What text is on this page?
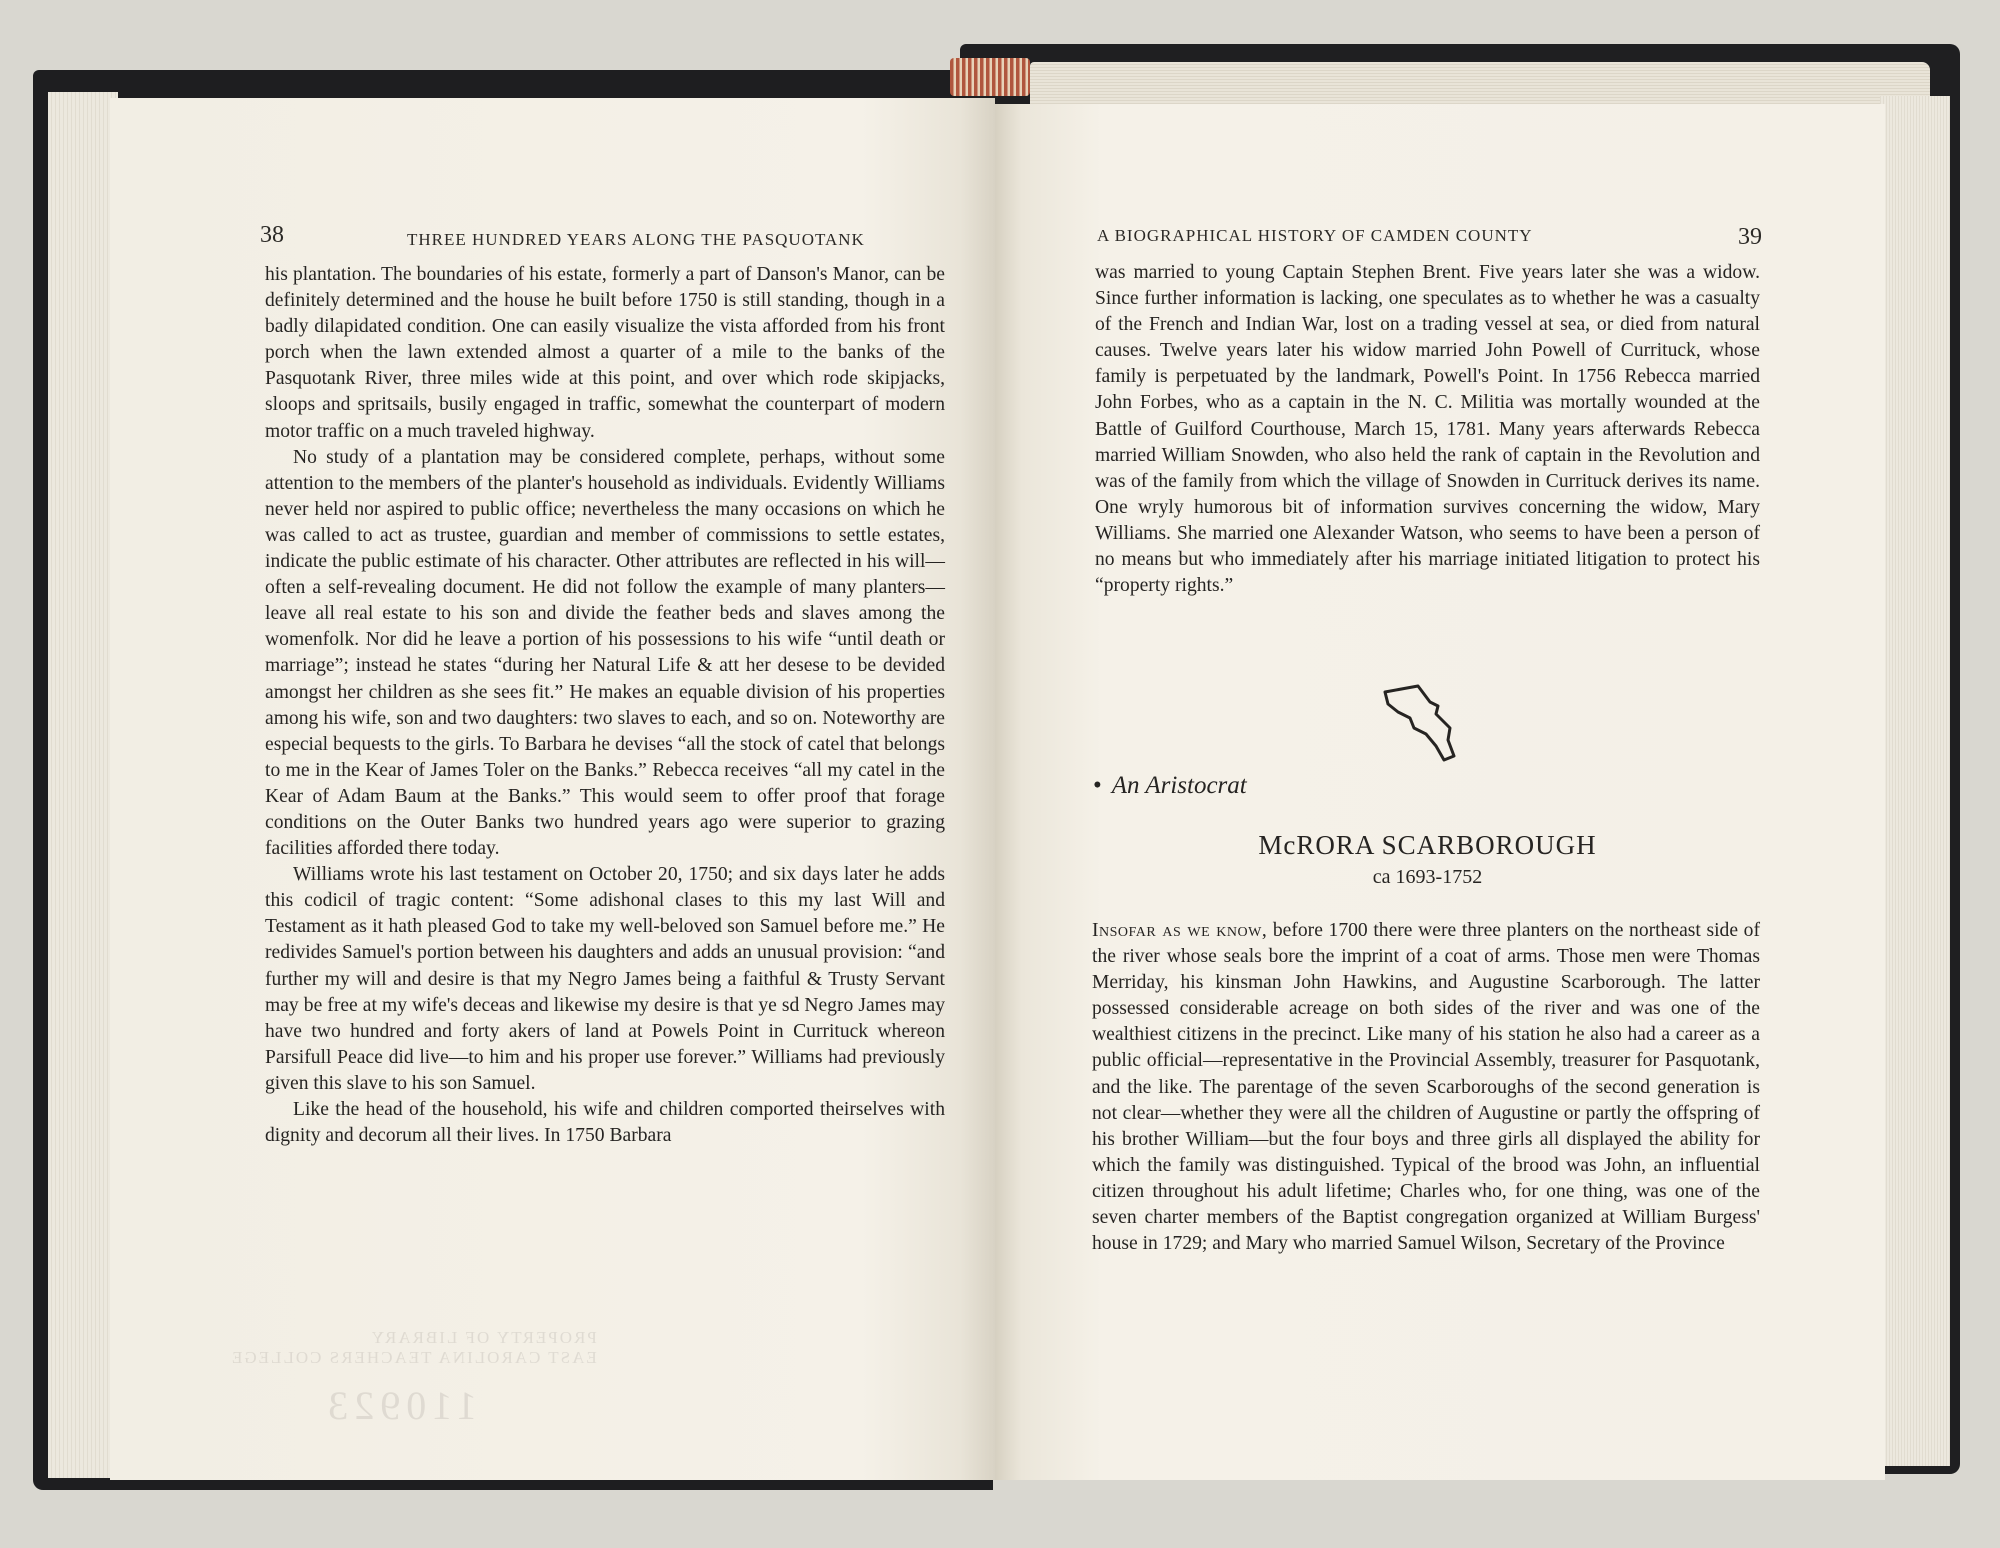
38	THREE HUNDRED YEARS ALONG THE PASQUOTANK

his plantation. The boundaries of his estate, formerly a part of Danson's Manor, can be definitely determined and the house he built before 1750 is still standing, though in a badly dilapidated condition. One can easily visualize the vista afforded from his front porch when the lawn extended almost a quarter of a mile to the banks of the Pasquotank River, three miles wide at this point, and over which rode skipjacks, sloops and spritsails, busily engaged in traffic, somewhat the counterpart of modern motor traffic on a much traveled highway.

No study of a plantation may be considered complete, perhaps, without some attention to the members of the planter's household as individuals. Evidently Williams never held nor aspired to public office; nevertheless the many occasions on which he was called to act as trustee, guardian and member of commissions to settle estates, indicate the public estimate of his character. Other attributes are reflected in his will—often a self-revealing document. He did not follow the example of many planters—leave all real estate to his son and divide the feather beds and slaves among the womenfolk. Nor did he leave a portion of his possessions to his wife “until death or marriage”; instead he states “during her Natural Life & att her desese to be devided amongst her children as she sees fit.” He makes an equable division of his properties among his wife, son and two daughters: two slaves to each, and so on. Noteworthy are especial bequests to the girls. To Barbara he devises “all the stock of catel that belongs to me in the Kear of James Toler on the Banks.” Rebecca receives “all my catel in the Kear of Adam Baum at the Banks.” This would seem to offer proof that forage conditions on the Outer Banks two hundred years ago were superior to grazing facilities afforded there today.

Williams wrote his last testament on October 20, 1750; and six days later he adds this codicil of tragic content: “Some adishonal clases to this my last Will and Testament as it hath pleased God to take my well-beloved son Samuel before me.” He redivides Samuel's portion between his daughters and adds an unusual provision: “and further my will and desire is that my Negro James being a faithful & Trusty Servant may be free at my wife's deceas and likewise my desire is that ye sd Negro James may have two hundred and forty akers of land at Powels Point in Currituck whereon Parsifull Peace did live—to him and his proper use forever.” Williams had previously given this slave to his son Samuel.

Like the head of the household, his wife and children comported theirselves with dignity and decorum all their lives. In 1750 Barbara

PROPERTY OF LIBRARY
EAST CAROLINA TEACHERS COLLEGE
110923
A BIOGRAPHICAL HISTORY OF CAMDEN COUNTY	39

was married to young Captain Stephen Brent. Five years later she was a widow. Since further information is lacking, one speculates as to whether he was a casualty of the French and Indian War, lost on a trading vessel at sea, or died from natural causes. Twelve years later his widow married John Powell of Currituck, whose family is perpetuated by the landmark, Powell's Point. In 1756 Rebecca married John Forbes, who as a captain in the N. C. Militia was mortally wounded at the Battle of Guilford Courthouse, March 15, 1781. Many years afterwards Rebecca married William Snowden, who also held the rank of captain in the Revolution and was of the family from which the village of Snowden in Currituck derives its name. One wryly humorous bit of information survives concerning the widow, Mary Williams. She married one Alexander Watson, who seems to have been a person of no means but who immediately after his marriage initiated litigation to protect his “property rights.”

• An Aristocrat
McRORA SCARBOROUGH
ca 1693-1752

Insofar as we know, before 1700 there were three planters on the northeast side of the river whose seals bore the imprint of a coat of arms. Those men were Thomas Merriday, his kinsman John Hawkins, and Augustine Scarborough. The latter possessed considerable acreage on both sides of the river and was one of the wealthiest citizens in the precinct. Like many of his station he also had a career as a public official—representative in the Provincial Assembly, treasurer for Pasquotank, and the like. The parentage of the seven Scarboroughs of the second generation is not clear—whether they were all the children of Augustine or partly the offspring of his brother William—but the four boys and three girls all displayed the ability for which the family was distinguished. Typical of the brood was John, an influential citizen throughout his adult lifetime; Charles who, for one thing, was one of the seven charter members of the Baptist congregation organized at William Burgess' house in 1729; and Mary who married Samuel Wilson, Secretary of the Province
